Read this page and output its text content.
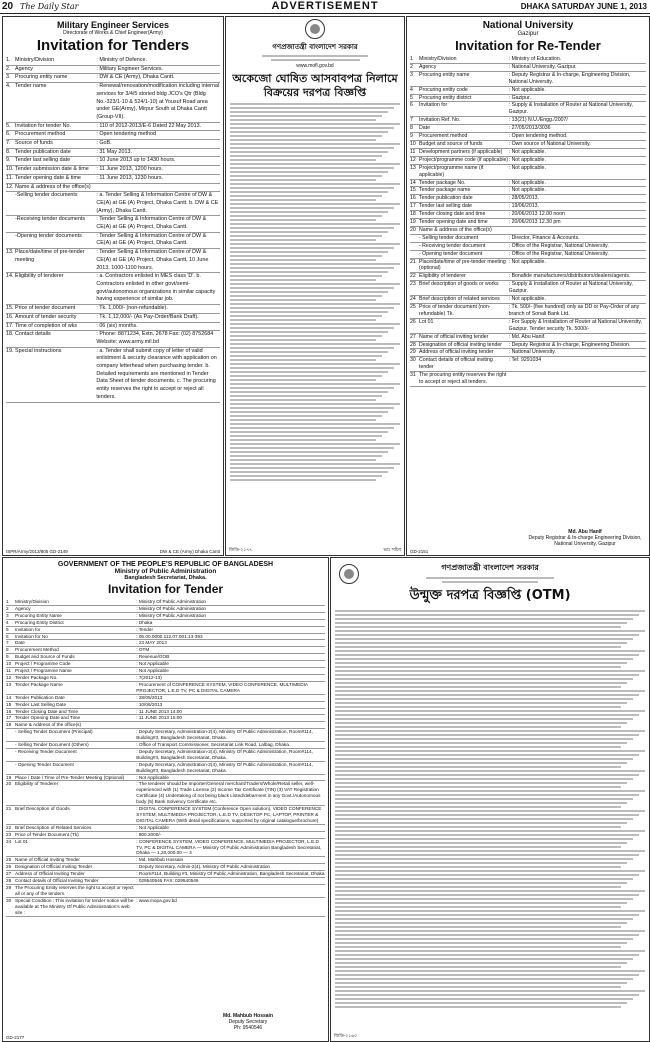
20 The Daily Star	ADVERTISEMENT	DHAKA SATURDAY JUNE 1, 2013
Military Engineer Services
Directorate of Works & Chief Engineer(Army)
Invitation for Tenders
1. Ministry/Division	: Ministry of Defence.
2. Agency	: Military Engineer Services.
3. Procuring entity name	: DW & CE (Army), Dhaka Cantt.
4. Tender name	: Renewal/renovation/modification including internal services for 3/4/5 storied bldg JCO's Qtr (Bldg No.-323/1-10 & 524/1-10) at Yousuf Road area under GE(Army), Mirpur South at Dhaka Cantt (Group-VII).
5. Invitation for tender No.	: 110 of 2012-2013/E-6 Dated 22 May 2013.
6. Procurement method	: Open tendering method
7. Source of funds	: GoB.
8. Tender publication date	: 31 May 2013.
9. Tender last selling date	: 10 June 2013 up to 1430 hours.
10. Tender submission date & time	: 11 June 2013, 1200 hours.
11. Tender opening date & time	: 11 June 2013, 1230 hours.
12. Name & address of the office(s)
-Selling tender documents	: a. Tender Selling & Information Centre of DW & CE(A) at GE (A) Project, Dhaka Cantt. b. DW & CE (Army), Dhaka Cantt.
-Receiving tender documents	: Tender Selling & Information Centre of DW & CE(A) at GE (A) Project, Dhaka Cantt.
-Opening tender documents	: Tender Selling & Information Centre of DW & CE(A) at GE (A) Project, Dhaka Cantt.
13. Place/date/time of pre-tender meeting
: Tender Selling & Information Centre of DW & CE(A) at GE (A) Project, Dhaka Cantt, 10 June 2013, 1000-1100 hours.
14. Eligibility of tenderer	: a. Contractors enlisted in MES class 'D'. b. Contractors enlisted in other govt/semi-govt/autonomous organizations in similar capacity having experience of similar job.
15. Price of tender document	: Tk. 1,000/- (non-refundable).
16. Amount of tender security	: Tk. 1,12,000/- (As Pay-Order/Bank Draft).
17. Time of completion of wks	: 06 (six) months.
18. Contact details	: Phone: 8871234, Extn. 2678 Fax: (02) 8752684 Website: www.army.mil.bd
19. Special instructions	: a. Tender shall submit copy of letter of valid enlistment & security clearance with application on company letterhead when purchasing tender. b. Detailed requirements are mentioned in Tender Data Sheet of tender documents. c. The procuring entity reserves the right to accept or reject all tenders.
ISPR/Army/2013/805 GD-2149	DW & CE (Army) Dhaka Cantt
গণপ্রজাতন্ত্রী বাংলাদেশ সরকার
www.mofl.gov.bd
অকেজো ঘোষিত আসবাবপত্র নিলামে বিক্রয়ের দরপত্র বিজ্ঞপ্তি
জিডি-২১৭৭	ভাঃ সচিব
National University
Gazipur
Invitation for Re-Tender
1	Ministry/Division	: Ministry of Education.
2	Agency	: National University, Gazipur.
3	Procuring entity name	: Deputy Registrar & In-charge, Engineering Division, National University.
4	Procuring entity code	: Not applicable.
5	Procuring entity district	: Gazipur.
6	Invitation for	: Supply & Installation of Router at National University, Gazipur.
7	Invitation Ref. No.	: 13(21) N.U./Engg./2007/
8	Date	: 27/05/2013/3036
9	Procurement method	: Open tendering method.
10 Budget and source of funds	: Own source of National University.
11 Development partners (if applicable)	: Not applicable.
12 Project/programme code (if applicable) : Not applicable.
13 Project/programme name (if applicable)
: Not applicable.
14 Tender package No.	: Not applicable.
15 Tender package name	: Not applicable.
16 Tender publication date	: 28/05/2013.
17 Tender last selling date	: 19/06/2013.
18 Tender closing date and time	: 20/06/2013 12.00 noon
19 Tender opening date and time	: 20/06/2013 12.30 pm
20 Name & address of the office(s)
- Selling tender document	: Director, Finance & Accounts.
- Receiving tender document	: Office of the Registrar, National University.
- Opening tender document	: Office of the Registrar, National University.
21 Place/date/time of pre-tender meeting (optional)
: Not applicable.
22 Eligibility of tenderer	: Bonafide manufacturers/distributors/dealers/agents.
23 Brief description of goods or works	: Supply & Installation of Router at National University, Gazipur.
24 Brief description of related services	: Not applicable.
25 Price of tender document (non-refundable) Tk.
: Tk. 500/- (five hundred) only as DD or Pay-Order of any branch of Sonali Bank Ltd.
26 Lot 01	: For Supply & Installation of Router at National University, Gazipur. Tender security Tk. 5000/-
27 Name of official inviting tender	: Md. Abu Hanif.
28 Designation of official inviting tender	: Deputy Registrar & In-charge, Engineering Division.
29 Address of official inviting tender	: National University.
30 Contact details of official inviting tender
: Tel: 9291034
31 The procuring entity reserves the right to accept or reject all tenders.
Md. Abu Hanif
Deputy Registrar & In-charge Engineering Division, National University, Gazipur
GD-2151
GOVERNMENT OF THE PEOPLE'S REPUBLIC OF BANGLADESH
Ministry of Public Administration
Bangladesh Secretariat, Dhaka.
Invitation for Tender
1	Ministry/Division	: Ministry Of Public Administration
2	Agency	: Ministry Of Public Administration
3	Procuring Entity Name	: Ministry Of Public Administration
4	Procuring Entity District	: Dhaka
5	Invitation for	: Tender
6	Invitation for No	: 05.00.0000.112.07.001.13-393
7	Date	: 23 MAY 2013
8	Procurement Method	: OTM
9	Budget and Source of Funds	: Revenue/GOB
10 Project / Programme Code	: Not Applicable
11 Project / Programme Name	: Not Applicable
12 Tender Package No.	: 7(2012-13)
13 Tender Package Name	: Procurement of CONFERENCE SYSTEM, VIDEO CONFERENCE, MULTIMEDIA PROJECTOR, L.E.D TV, PC & DIGITAL CAMERA
14 Tender Publication Date	: 28/05/2013
15 Tender Last Selling Date	: 10/06/2013
16 Tender Closing Date and Time	: 11 JUNE 2013 14:00
17 Tender Opening Date and Time	: 11 JUNE 2013 15:00
18 Name & Address of the office(s)
- Selling Tender Document (Principal)	: Deputy Secretary, Administration-2(4), Ministry Of Public Administration, Room#114, Building#3, Bangladesh Secretariat, Dhaka.
- Selling Tender Document (Others)	: Office of Transport Commissioner, Secretariat Link Road, Lalbag, Dhaka.
- Receiving Tender Document	: Deputy Secretary, Administration-2(4), Ministry Of Public Administration, Room#114, Building#3, Bangladesh Secretariat, Dhaka.
- Opening Tender Document	: Deputy Secretary, Administration-2(4), Ministry Of Public Administration, Room#114, Building#3, Bangladesh Secretariat, Dhaka.
19 Place / Date / Time of Pre-Tender Meeting (Optional)	: Not Applicable
20 Eligibility of Tenderer	: The tenderer should be Importer/General merchant/Traders/Whole/Retail seller, well-experienced with (1) Trade License (2) Income Tax Certificate (TIN) (3) VAT Registration Certificate (4) Undertaking of not being black Listed/debarment in any Govt./Autonomous body (5) Bank Solvency Certificate etc.
21 Brief Description of Goods	: DIGITAL CONFERENCE SYSTEM (Conference Open solution), VIDEO CONFERENCE SYSTEM, MULTIMEDIA PROJECTOR, L.E.D TV, DESKTOP PC, LAPTOP, PRINTER & DIGITAL CAMERA (With detail specifications, supported by original catalogue/brochure)
22 Brief Description of Related Services	: Not Applicable
23 Price of Tender Document (Tk)	: 800.2000/-
24 Lot 01	: CONFERENCE SYSTEM, VIDEO CONFERENCE, MULTIMEDIA PROJECTOR, L.E.D TV, PC & DIGITAL CAMERA — Ministry Of Public Administration Bangladesh Secretariat, Dhaka — 1,20,000.00 — 3
25 Name of Official Inviting Tender	: Md. Mahbub Hossain
26 Designation of Official Inviting Tender	: Deputy Secretary, Admin-2(4), Ministry Of Public Administration
27 Address of Official Inviting Tender	: Room#114, Building #3, Ministry Of Public Administration, Bangladesh Secretariat, Dhaka
28 Contact details of Official Inviting Tender	: 029540546 FAX: 029540546
29 The Procuring Entity reserves the right to accept or reject all or any of the tenders.
30 Special Condition : This invitation for tender notice will be available at The Ministry Of Public Administration's web site :
: www.mopa.gov.bd
Md. Mahbub Hossain
Deputy Secretary
Ph: 9540546
GD-2177
গণপ্রজাতন্ত্রী বাংলাদেশ সরকার
উন্মুক্ত দরপত্র বিজ্ঞপ্তি (OTM)
জিডি-২১৬০
